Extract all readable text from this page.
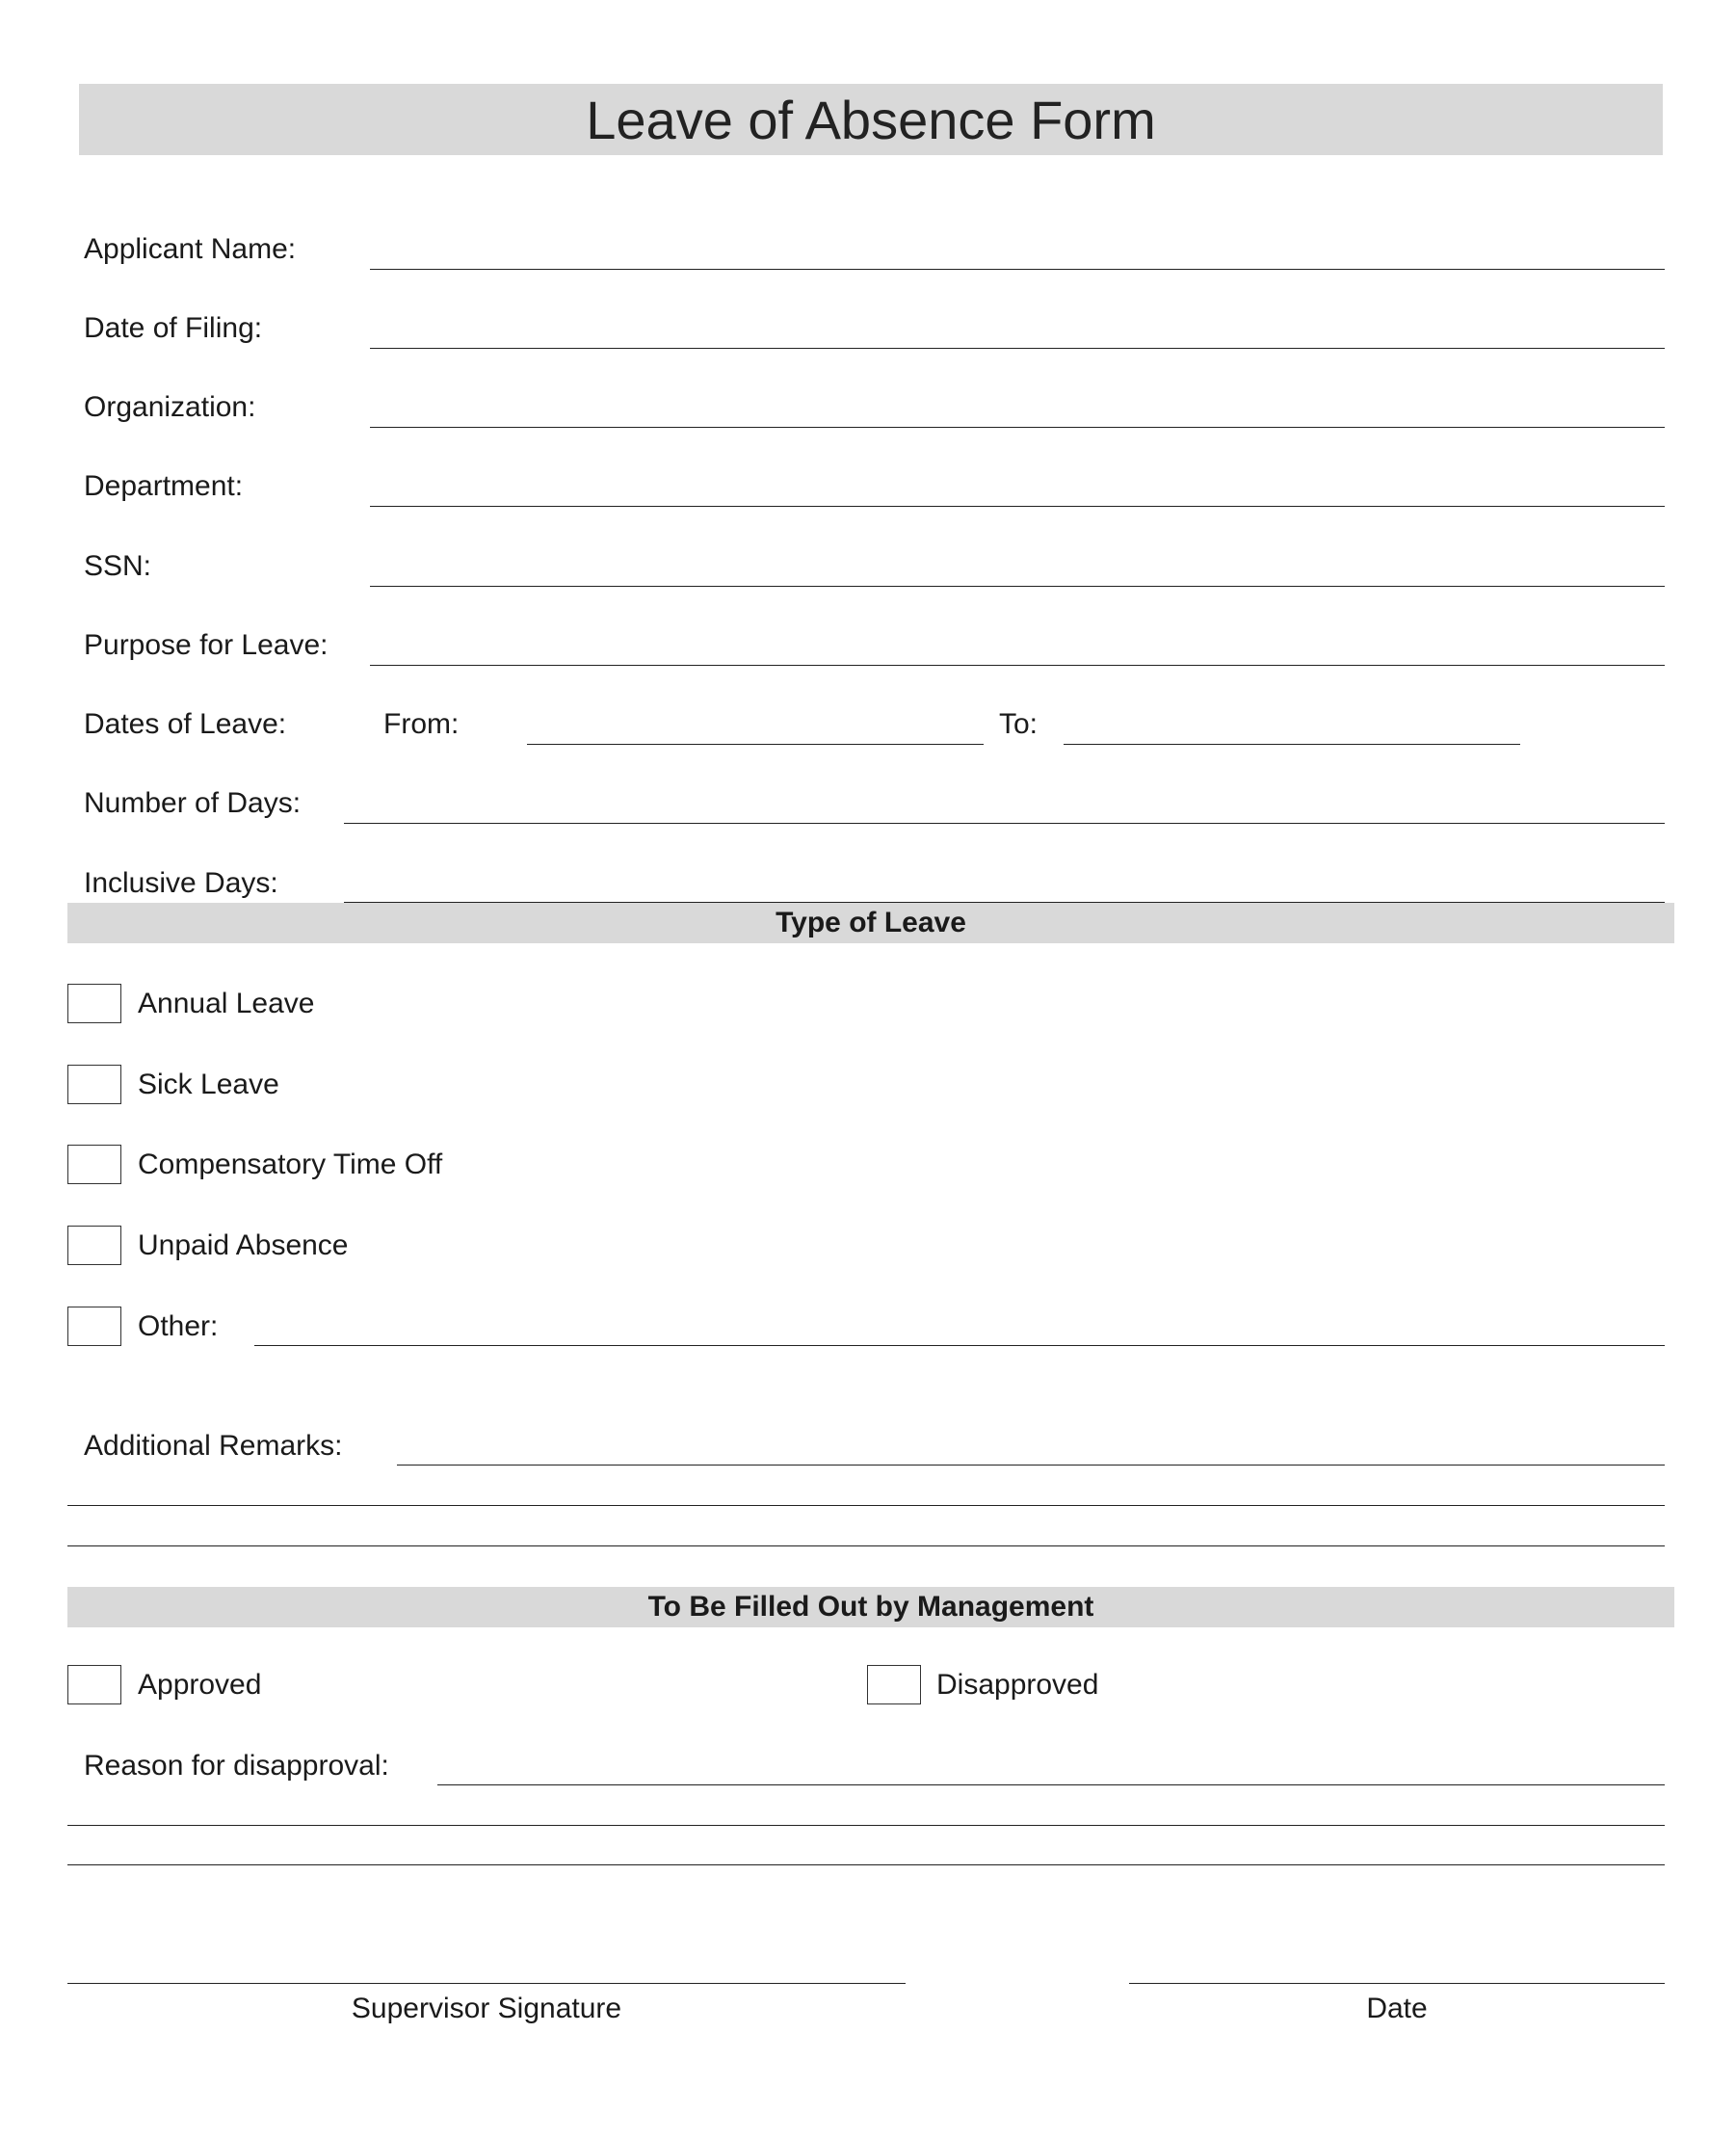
Leave of Absence Form
Applicant Name:
Date of Filing:
Organization:
Department:
SSN:
Purpose for Leave:
Dates of Leave:	From:	To:
Number of Days:
Inclusive Days:
Type of Leave
Annual Leave
Sick Leave
Compensatory Time Off
Unpaid Absence
Other:
Additional Remarks:
To Be Filled Out by Management
Approved	Disapproved
Reason for disapproval:
Supervisor Signature	Date
